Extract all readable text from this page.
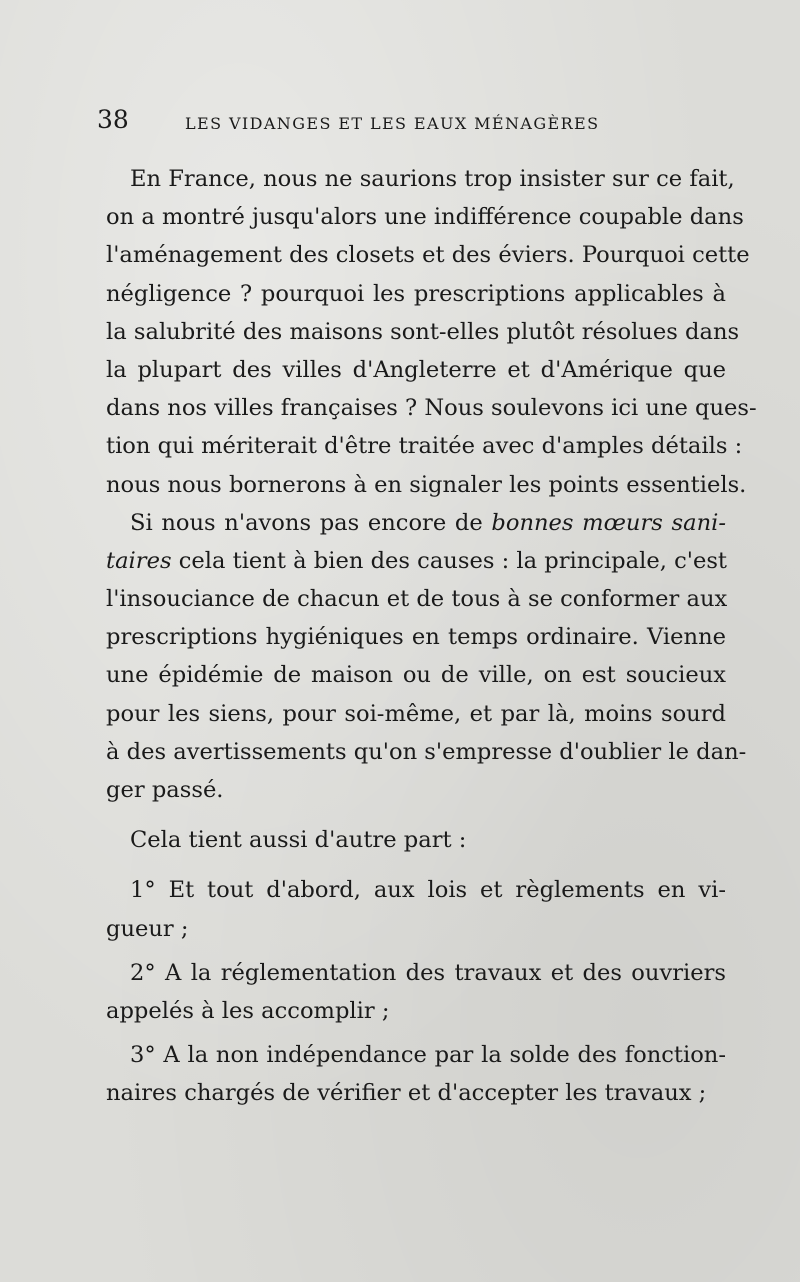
38	LES VIDANGES ET LES EAUX MÉNAGÈRES
En France, nous ne saurions trop insister sur ce fait,
on a montré jusqu'alors une indifférence coupable dans
l'aménagement des closets et des éviers. Pourquoi cette
négligence ? pourquoi les prescriptions applicables à
la salubrité des maisons sont-elles plutôt résolues dans
la plupart des villes d'Angleterre et d'Amérique que
dans nos villes françaises ? Nous soulevons ici une ques-
tion qui mériterait d'être traitée avec d'amples détails :
nous nous bornerons à en signaler les points essentiels.
Si nous n'avons pas encore de bonnes mœurs sani-
taires cela tient à bien des causes : la principale, c'est
l'insouciance de chacun et de tous à se conformer aux
prescriptions hygiéniques en temps ordinaire. Vienne
une épidémie de maison ou de ville, on est soucieux
pour les siens, pour soi-même, et par là, moins sourd
à des avertissements qu'on s'empresse d'oublier le dan-
ger passé.
Cela tient aussi d'autre part :
1° Et tout d'abord, aux lois et règlements en vi-
gueur ;
2° A la réglementation des travaux et des ouvriers
appelés à les accomplir ;
3° A la non indépendance par la solde des fonction-
naires chargés de vérifier et d'accepter les travaux ;
